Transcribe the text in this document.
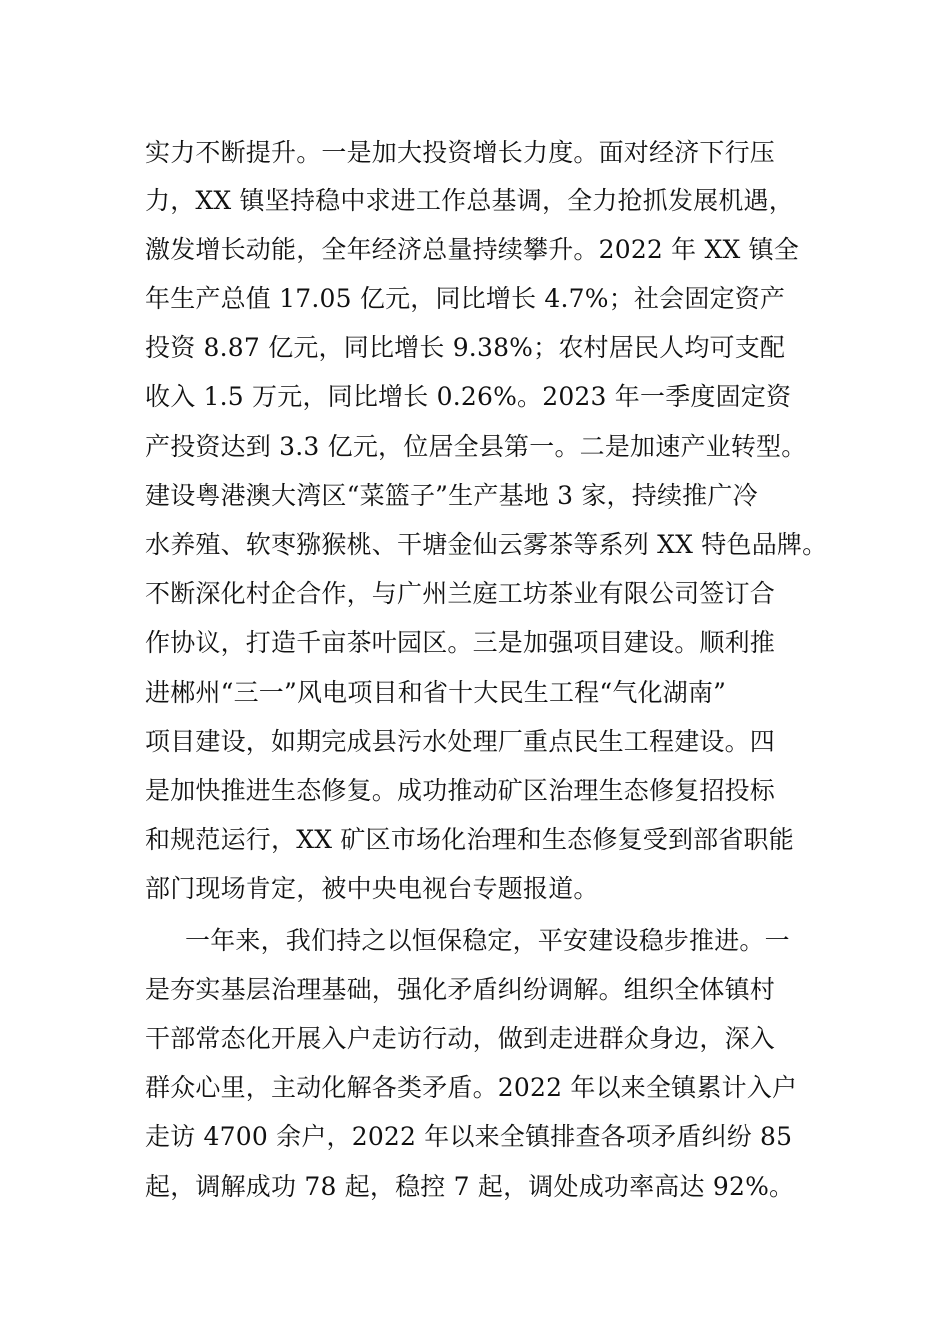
实力不断提升。一是加大投资增长力度。面对经济下行压
力，XX 镇坚持稳中求进工作总基调，全力抢抓发展机遇，
激发增长动能，全年经济总量持续攀升。2022 年 XX 镇全
年生产总值 17.05 亿元，同比增长 4.7%；社会固定资产
投资 8.87 亿元，同比增长 9.38%；农村居民人均可支配
收入 1.5 万元，同比增长 0.26%。2023 年一季度固定资
产投资达到 3.3 亿元，位居全县第一。二是加速产业转型。
建设粤港澳大湾区“菜篮子”生产基地 3 家，持续推广冷
水养殖、软枣猕猴桃、干塘金仙云雾茶等系列 XX 特色品牌。
不断深化村企合作，与广州兰庭工坊茶业有限公司签订合
作协议，打造千亩茶叶园区。三是加强项目建设。顺利推
进郴州“三一”风电项目和省十大民生工程“气化湖南”
项目建设，如期完成县污水处理厂重点民生工程建设。四
是加快推进生态修复。成功推动矿区治理生态修复招投标
和规范运行，XX 矿区市场化治理和生态修复受到部省职能
部门现场肯定，被中央电视台专题报道。
一年来，我们持之以恒保稳定，平安建设稳步推进。一
是夯实基层治理基础，强化矛盾纠纷调解。组织全体镇村
干部常态化开展入户走访行动，做到走进群众身边，深入
群众心里，主动化解各类矛盾。2022 年以来全镇累计入户
走访 4700 余户，2022 年以来全镇排查各项矛盾纠纷 85
起，调解成功 78 起，稳控 7 起，调处成功率高达 92%。
